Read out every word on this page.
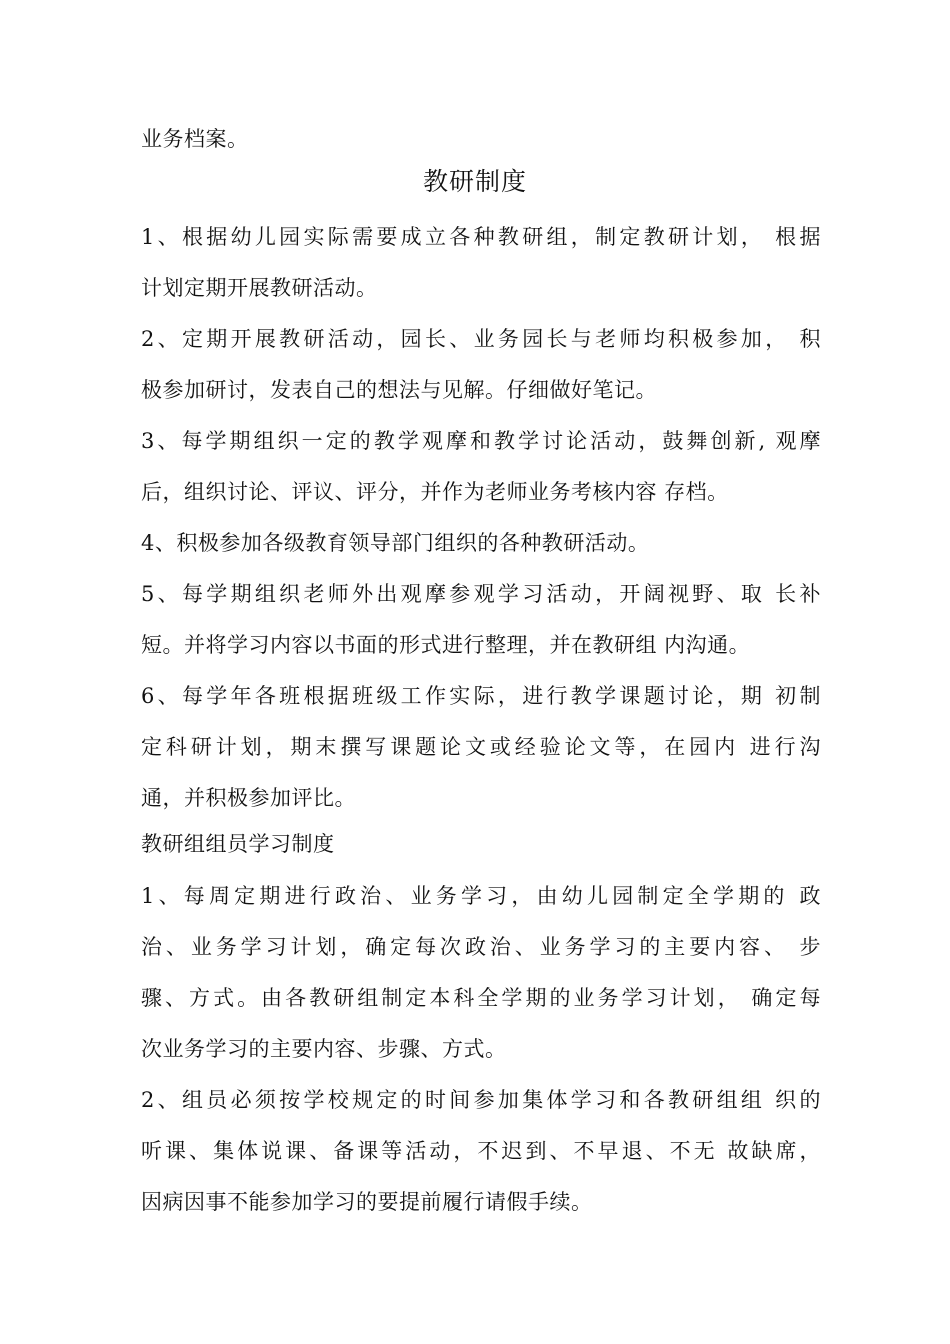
业务档案。
教研制度
1、根据幼儿园实际需要成立各种教研组，制定教研计划， 根据
计划定期开展教研活动。
2、定期开展教研活动，园长、业务园长与老师均积极参加， 积
极参加研讨，发表自己的想法与见解。仔细做好笔记。
3、每学期组织一定的教学观摩和教学讨论活动，鼓舞创新, 观摩
后，组织讨论、评议、评分，并作为老师业务考核内容 存档。
4、积极参加各级教育领导部门组织的各种教研活动。
5、每学期组织老师外出观摩参观学习活动，开阔视野、取 长补
短。并将学习内容以书面的形式进行整理，并在教研组 内沟通。
6、每学年各班根据班级工作实际，进行教学课题讨论，期 初制
定科研计划，期末撰写课题论文或经验论文等，在园内 进行沟
通，并积极参加评比。
教研组组员学习制度
1、每周定期进行政治、业务学习，由幼儿园制定全学期的 政
治、业务学习计划，确定每次政治、业务学习的主要内容、 步
骤、方式。由各教研组制定本科全学期的业务学习计划， 确定每
次业务学习的主要内容、步骤、方式。
2、组员必须按学校规定的时间参加集体学习和各教研组组 织的
听课、集体说课、备课等活动，不迟到、不早退、不无 故缺席，
因病因事不能参加学习的要提前履行请假手续。
